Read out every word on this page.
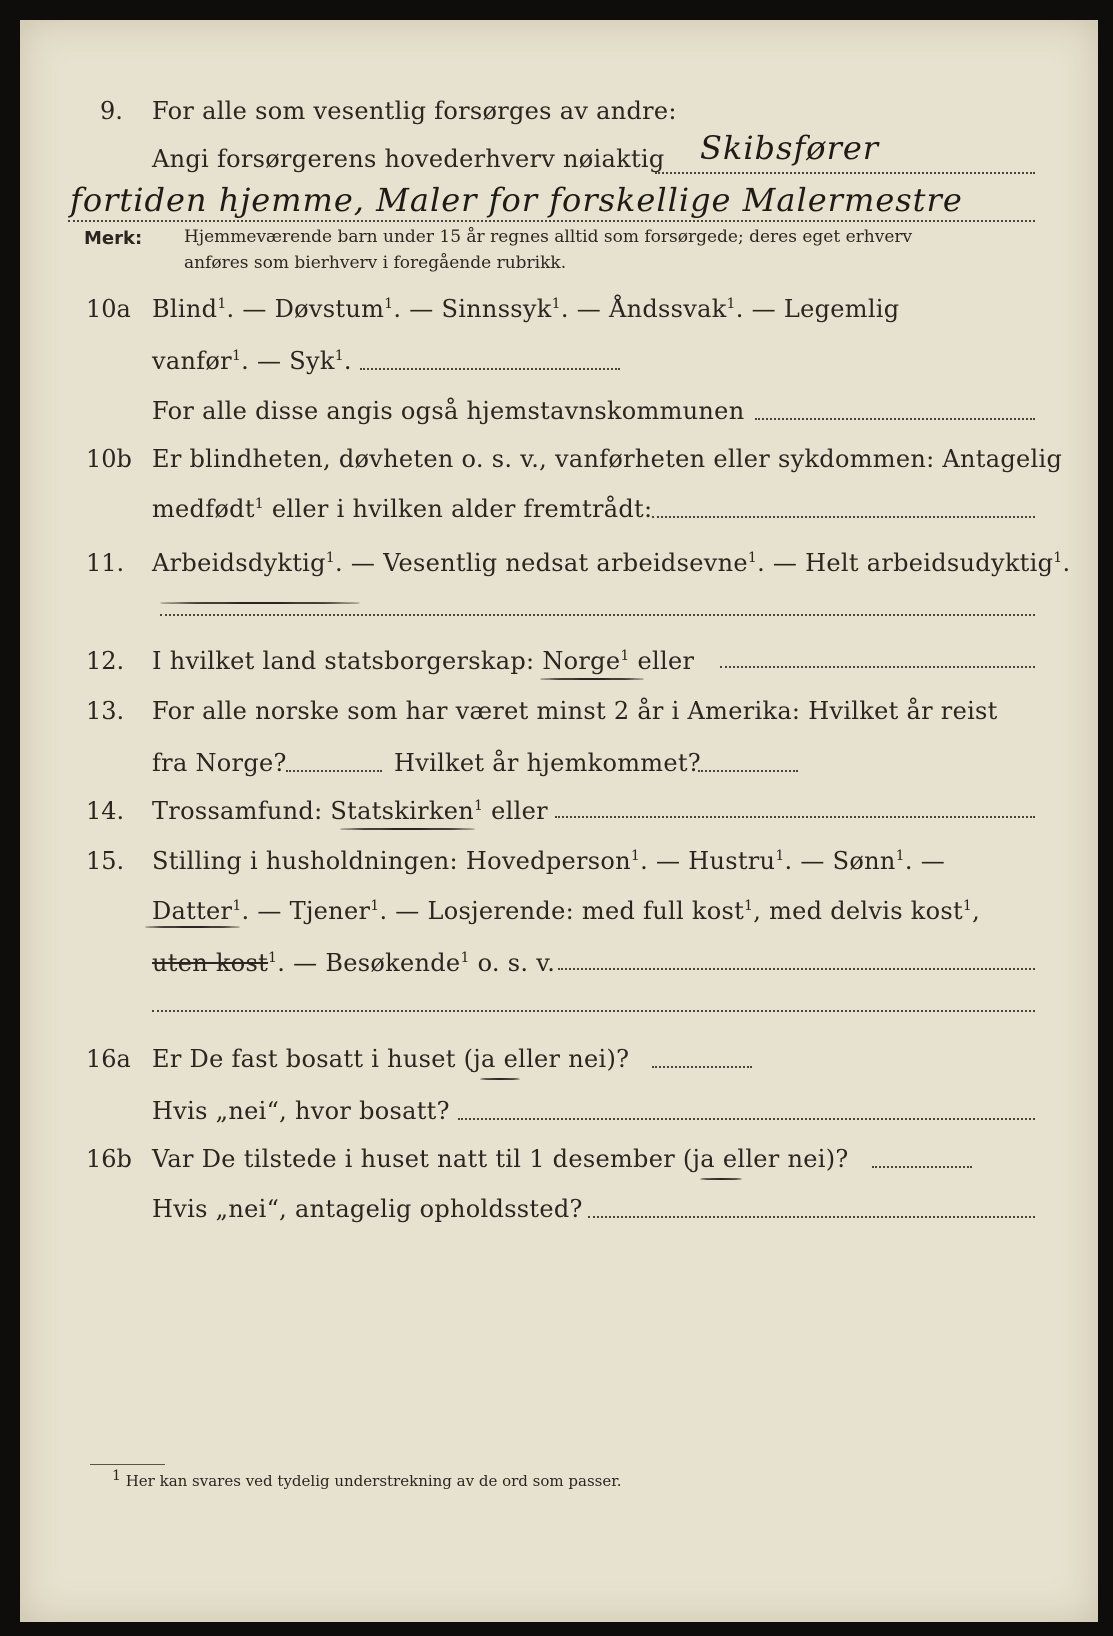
9. For alle som vesentlig forsørges av andre:
Angi forsørgerens hovederhverv nøiaktig Skibsfører
fortiden hjemme, Maler for forskellige Malermestre
Merk: Hjemmeværende barn under 15 år regnes alltid som forsørgede; deres eget erhverv
anføres som bierhverv i foregående rubrikk.
10a Blind$^1$. — Døvstum$^1$. — Sinnssyk$^1$. — Åndssvak$^1$. — Legemlig
vanfør$^1$. — Syk$^1$.
For alle disse angis også hjemstavnskommunen
10b Er blindheten, døvheten o. s. v., vanførheten eller sykdommen: Antagelig
medfødt$^1$ eller i hvilken alder fremtrådt:
11. Arbeidsdyktig$^1$. — Vesentlig nedsat arbeidsevne$^1$. — Helt arbeidsudyktig$^1$.
12. I hvilket land statsborgerskap: Norge$^1$ eller
13. For alle norske som har været minst 2 år i Amerika: Hvilket år reist
fra Norge?	Hvilket år hjemkommet?
14. Trossamfund: Statskirken$^1$ eller
15. Stilling i husholdningen: Hovedperson$^1$. — Hustru$^1$. — Sønn$^1$. —
Datter$^1$. — Tjener$^1$. — Losjerende: med full kost$^1$, med delvis kost$^1$,
uten kost$^1$. — Besøkende$^1$ o. s. v.
16a Er De fast bosatt i huset (ja eller nei)?
Hvis „nei“, hvor bosatt?
16b Var De tilstede i huset natt til 1 desember (ja eller nei)?
Hvis „nei“, antagelig opholdssted?
1 Her kan svares ved tydelig understrekning av de ord som passer.
